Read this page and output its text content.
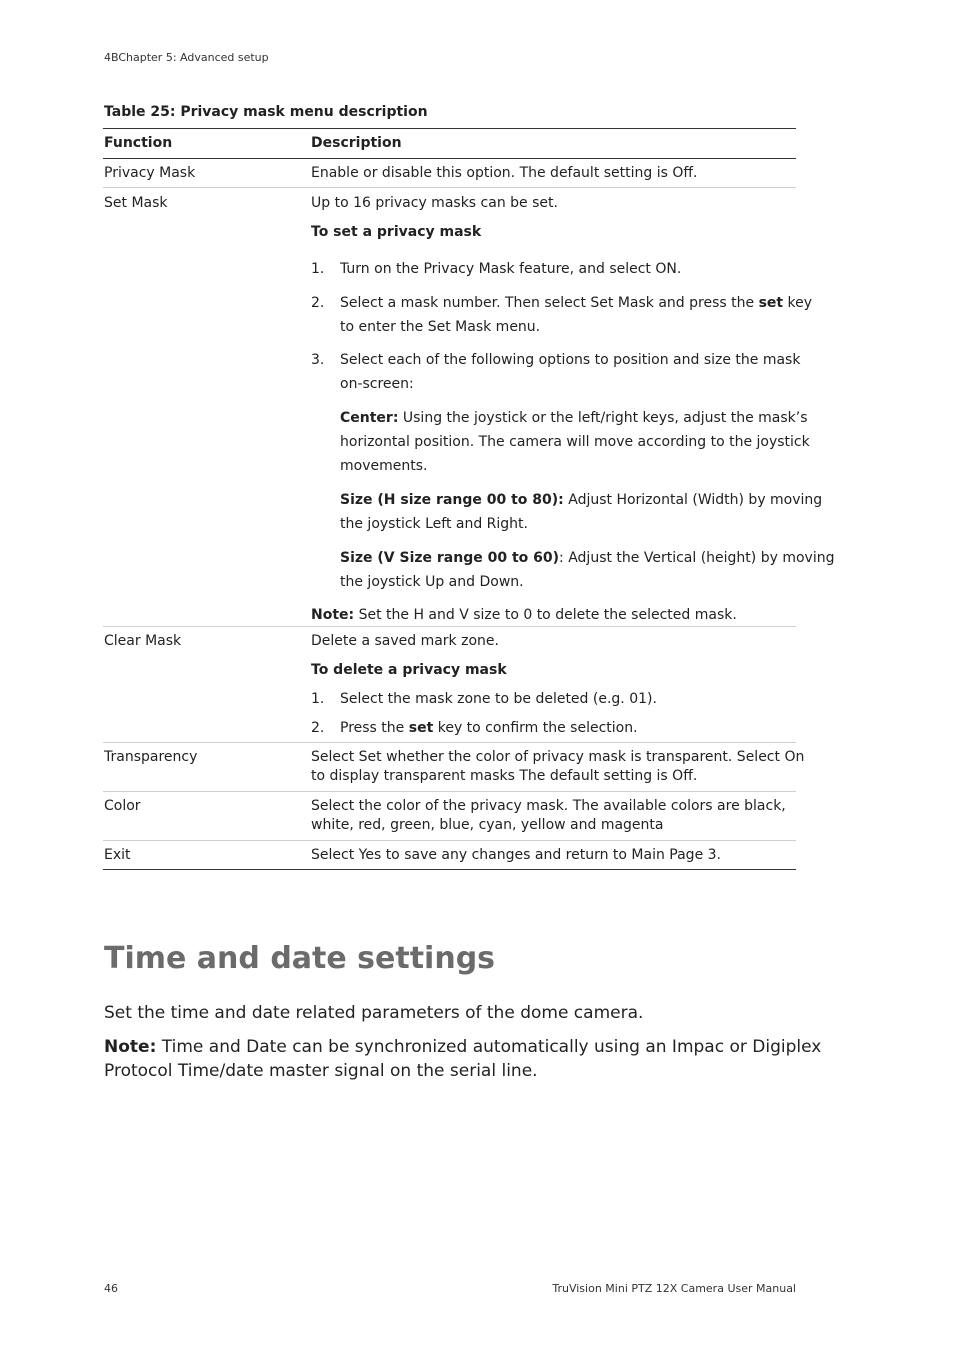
4BChapter 5: Advanced setup
Table 25: Privacy mask menu description
Function	Description
Privacy Mask	Enable or disable this option. The default setting is Off.
Set Mask	Up to 16 privacy masks can be set.
To set a privacy mask
1. Turn on the Privacy Mask feature, and select ON.
2. Select a mask number. Then select Set Mask and press the set key
to enter the Set Mask menu.
3. Select each of the following options to position and size the mask
on-screen:
Center: Using the joystick or the left/right keys, adjust the mask’s
horizontal position. The camera will move according to the joystick
movements.
Size (H size range 00 to 80): Adjust Horizontal (Width) by moving
the joystick Left and Right.
Size (V Size range 00 to 60): Adjust the Vertical (height) by moving
the joystick Up and Down.
Note: Set the H and V size to 0 to delete the selected mask.
Clear Mask	Delete a saved mark zone.
To delete a privacy mask
1. Select the mask zone to be deleted (e.g. 01).
2. Press the set key to confirm the selection.
Transparency	Select Set whether the color of privacy mask is transparent. Select On
to display transparent masks The default setting is Off.
Color	Select the color of the privacy mask. The available colors are black,
white, red, green, blue, cyan, yellow and magenta
Exit	Select Yes to save any changes and return to Main Page 3.
Time and date settings
Set the time and date related parameters of the dome camera.
Note: Time and Date can be synchronized automatically using an Impac or Digiplex
Protocol Time/date master signal on the serial line.
46	TruVision Mini PTZ 12X Camera User Manual
